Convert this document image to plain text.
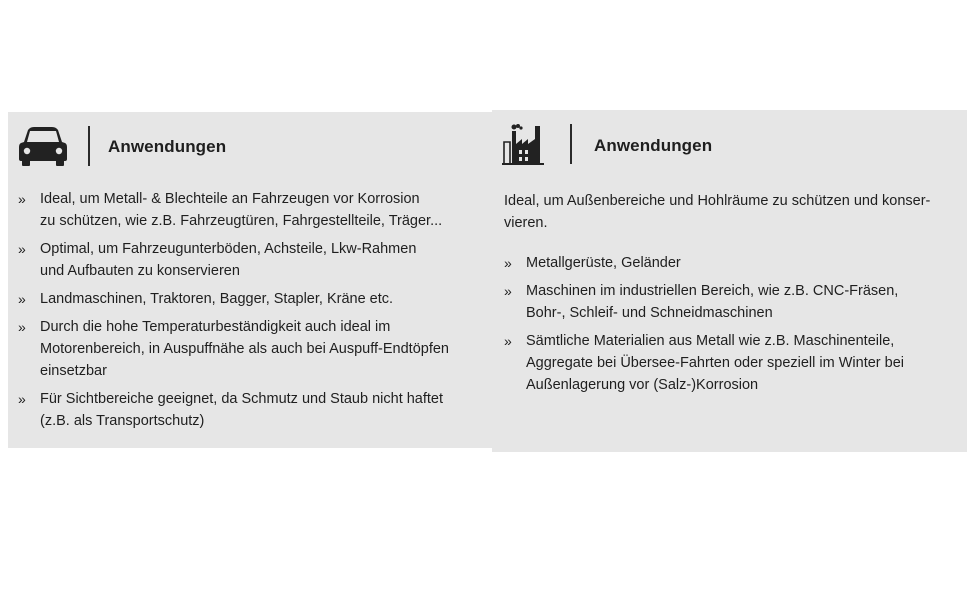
Anwendungen
» Ideal, um Metall- & Blechteile an Fahrzeugen vor Korrosion
zu schützen, wie z.B. Fahrzeugtüren, Fahrgestellteile, Träger...
» Optimal, um Fahrzeugunterböden, Achsteile, Lkw-Rahmen
und Aufbauten zu konservieren
» Landmaschinen, Traktoren, Bagger, Stapler, Kräne etc.
» Durch die hohe Temperaturbeständigkeit auch ideal im
Motorenbereich, in Auspuffnähe als auch bei Auspuff-Endtöpfen
einsetzbar
» Für Sichtbereiche geeignet, da Schmutz und Staub nicht haftet
(z.B. als Transportschutz)
Anwendungen

Ideal, um Außenbereiche und Hohlräume zu schützen und konser-
vieren.

» Metallgerüste, Geländer
» Maschinen im industriellen Bereich, wie z.B. CNC-Fräsen,
Bohr-, Schleif- und Schneidmaschinen
» Sämtliche Materialien aus Metall wie z.B. Maschinenteile,
Aggregate bei Übersee-Fahrten oder speziell im Winter bei
Außenlagerung vor (Salz-)Korrosion
